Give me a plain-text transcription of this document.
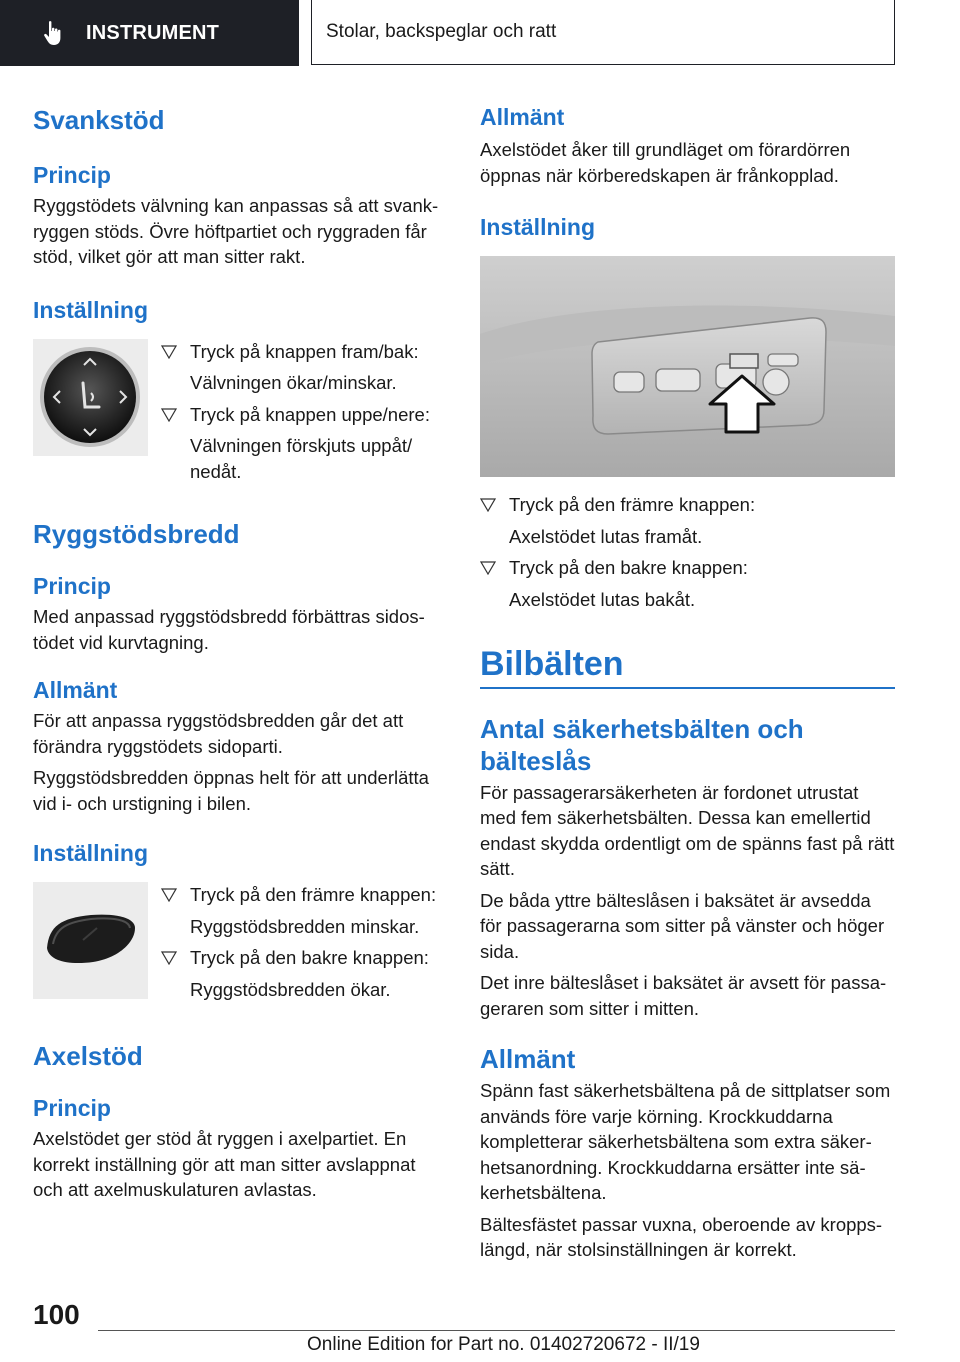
INSTRUMENT	Stolar, backspeglar och ratt
Svankstöd
Princip

Ryggstödets välvning kan anpassas så att svank-ryggen stöds. Övre höftpartiet och ryggraden får stöd, vilket gör att man sitter rakt.

Inställning
Tryck på knappen fram/bak:
Välvningen ökar/minskar.
Tryck på knappen uppe/nere:
Välvningen förskjuts uppåt/ nedåt.
Ryggstödsbredd
Princip

Med anpassad ryggstödsbredd förbättras sidos-tödet vid kurvtagning.

Allmänt

För att anpassa ryggstödsbredden går det att förändra ryggstödets sidoparti.

Ryggstödsbredden öppnas helt för att underlätta vid i- och urstigning i bilen.

Inställning
Tryck på den främre knappen:
Ryggstödsbredden minskar.
Tryck på den bakre knappen:
Ryggstödsbredden ökar.
Axelstöd
Princip

Axelstödet ger stöd åt ryggen i axelpartiet. En korrekt inställning gör att man sitter avslappnat och att axelmuskulaturen avlastas.

Allmänt

Axelstödet åker till grundläget om förardörren öppnas när körberedskapen är frånkopplad.

Inställning
Tryck på den främre knappen:
Axelstödet lutas framåt.
Tryck på den bakre knappen:
Axelstödet lutas bakåt.
Bilbälten
Antal säkerhetsbälten och bälteslås

För passagerarsäkerheten är fordonet utrustat med fem säkerhetsbälten. Dessa kan emellertid endast skydda ordentligt om de spänns fast på rätt sätt.

De båda yttre bälteslåsen i baksätet är avsedda för passagerarna som sitter på vänster och höger sida.

Det inre bälteslåset i baksätet är avsett för passa-geraren som sitter i mitten.

Allmänt

Spänn fast säkerhetsbältena på de sittplatser som används före varje körning. Krockkuddarna kompletterar säkerhetsbältena som extra säker-hetsanordning. Krockkuddarna ersätter inte sä-kerhetsbältena.

Bältesfästet passar vuxna, oberoende av kropps-längd, när stolsinställningen är korrekt.

100
Online Edition for Part no. 01402720672 - II/19
